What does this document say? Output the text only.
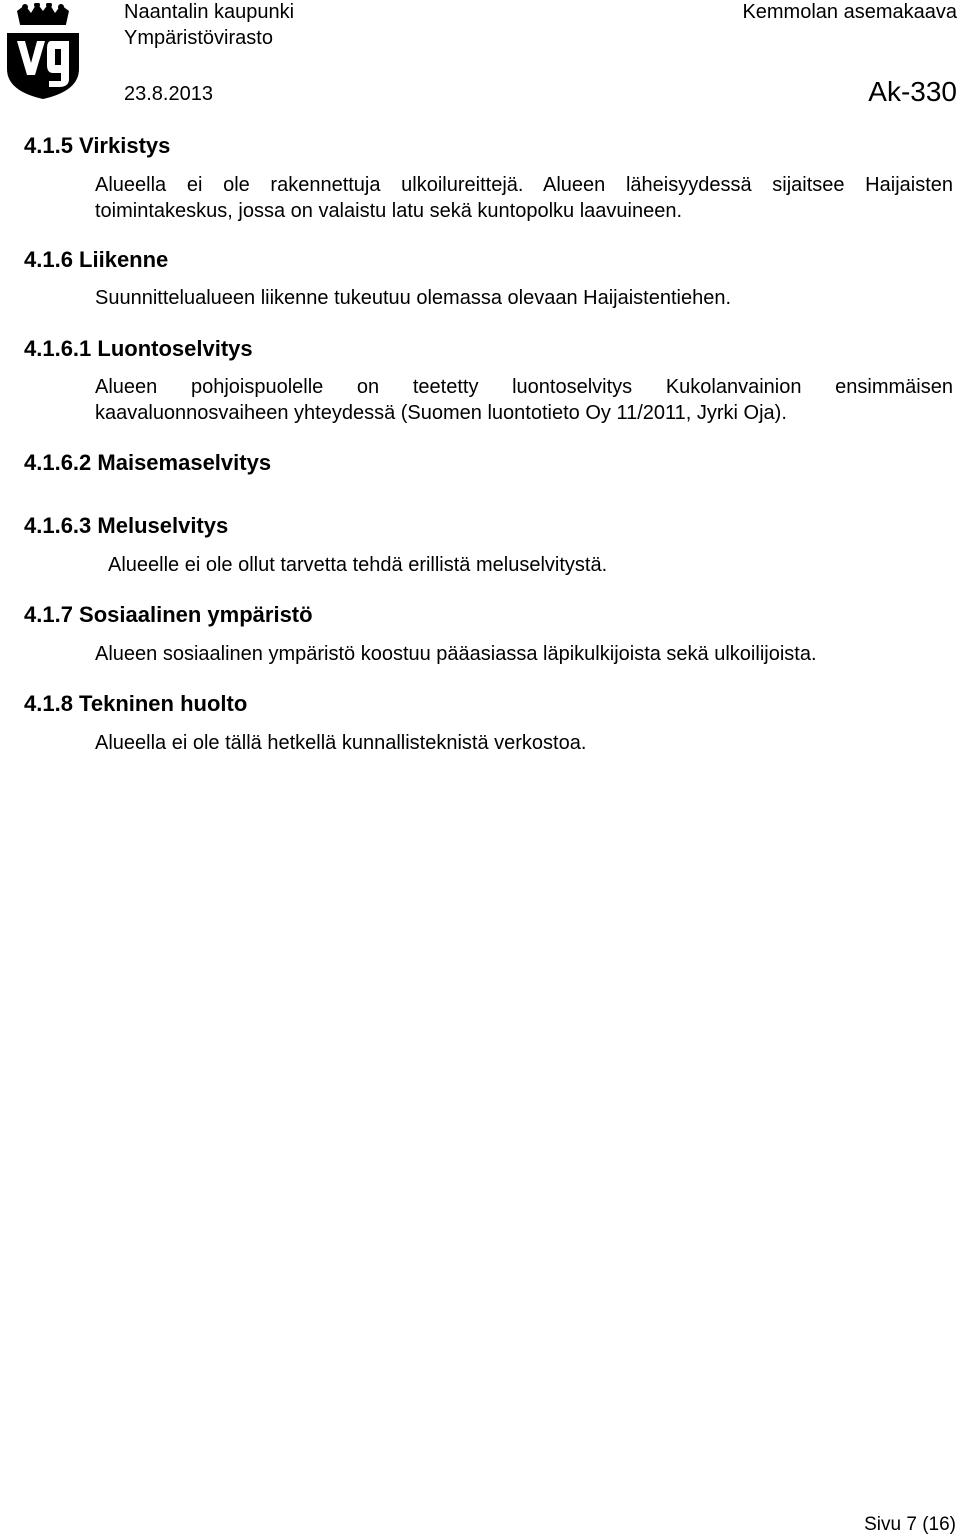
Naantalin kaupunki
Ympäristövirasto
Kemmolan asemakaava
23.8.2013	Ak-330
4.1.5 Virkistys
Alueella ei ole rakennettuja ulkoilureittejä. Alueen läheisyydessä sijaitsee Haijaisten toimintakeskus, jossa on valaistu latu sekä kuntopolku laavuineen.
4.1.6 Liikenne
Suunnittelualueen liikenne tukeutuu olemassa olevaan Haijaistentiehen.
4.1.6.1 Luontoselvitys
Alueen pohjoispuolelle on teetetty luontoselvitys Kukolanvainion ensimmäisen kaavaluonnosvaiheen yhteydessä (Suomen luontotieto Oy 11/2011, Jyrki Oja).
4.1.6.2 Maisemaselvitys
4.1.6.3 Meluselvitys
Alueelle ei ole ollut tarvetta tehdä erillistä meluselvitystä.
4.1.7 Sosiaalinen ympäristö
Alueen sosiaalinen ympäristö koostuu pääasiassa läpikulkijoista sekä ulkoilijoista.
4.1.8 Tekninen huolto
Alueella ei ole tällä hetkellä kunnallisteknistä verkostoa.
Sivu 7 (16)
